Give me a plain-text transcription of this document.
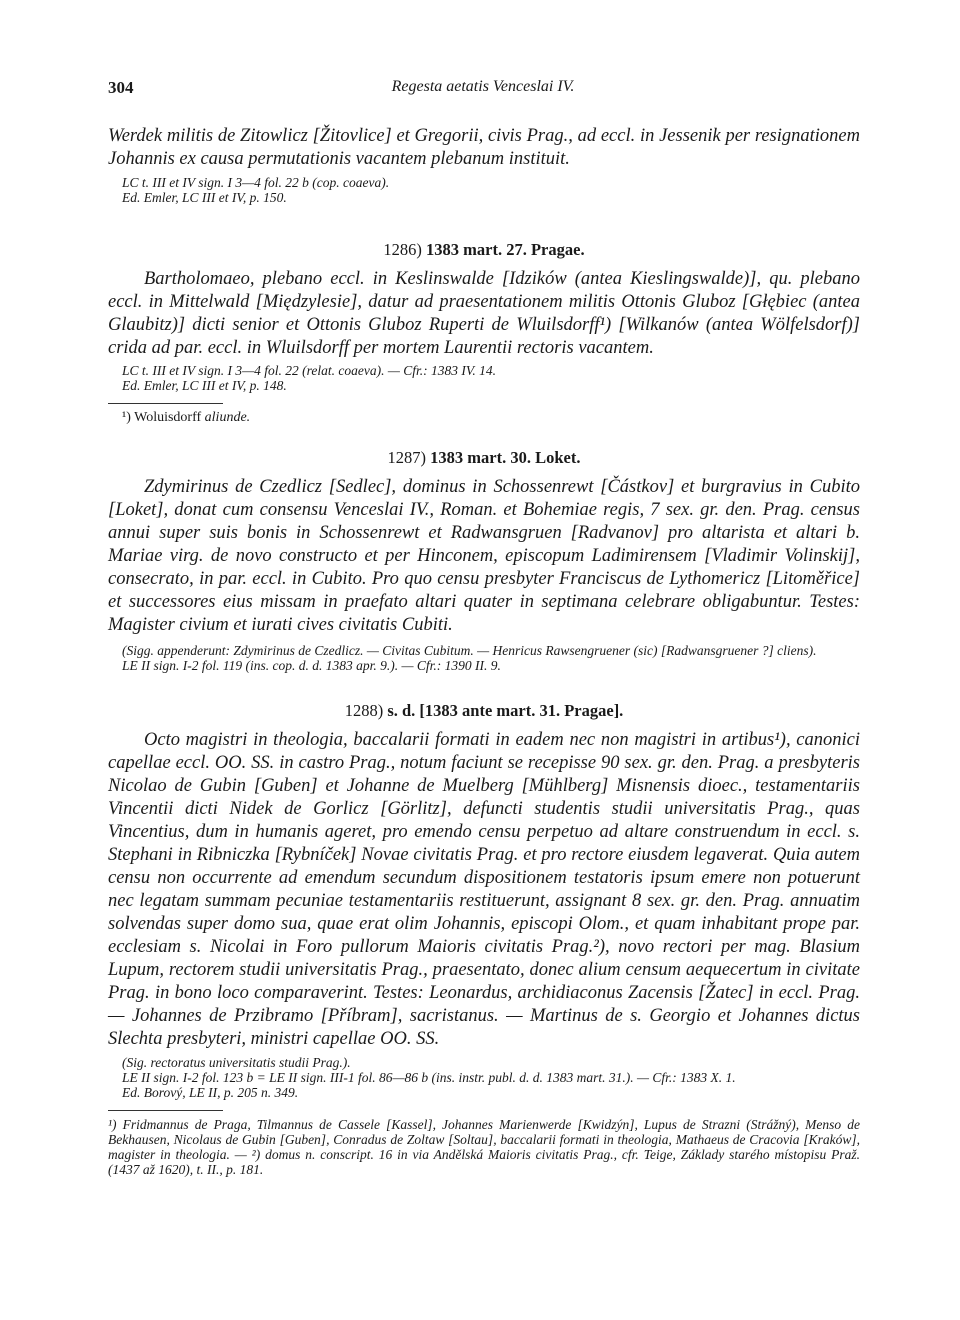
304	Regesta aetatis Venceslai IV.

Werdek militis de Zitowlicz [Žitovlice] et Gregorii, civis Prag., ad eccl. in Jessenik per resignationem Johannis ex causa permutationis vacantem plebanum instituit.

LC t. III et IV sign. I 3—4 fol. 22 b (cop. coaeva).

Ed. Emler, LC III et IV, p. 150.

1286) 1383 mart. 27. Pragae.

Bartholomaeo, plebano eccl. in Keslinswalde [Idzików (antea Kieslingswalde)], qu. plebano eccl. in Mittelwald [Międzylesie], datur ad praesentationem militis Ottonis Gluboz [Głębiec (antea Glaubitz)] dicti senior et Ottonis Gluboz Ruperti de Wluilsdorff¹) [Wilkanów (antea Wölfelsdorf)] crida ad par. eccl. in Wluilsdorff per mortem Laurentii rectoris vacantem.

LC t. III et IV sign. I 3—4 fol. 22 (relat. coaeva). — Cfr.: 1383 IV. 14.

Ed. Emler, LC III et IV, p. 148.

¹) Woluisdorff aliunde.

1287) 1383 mart. 30. Loket.

Zdymirinus de Czedlicz [Sedlec], dominus in Schossenrewt [Částkov] et burgravius in Cubito [Loket], donat cum consensu Venceslai IV., Roman. et Bohemiae regis, 7 sex. gr. den. Prag. census annui super suis bonis in Schossenrewt et Radwansgruen [Radvanov] pro altarista et altari b. Mariae virg. de novo constructo et per Hinconem, episcopum Ladimirensem [Vladimir Volinskij], consecrato, in par. eccl. in Cubito. Pro quo censu presbyter Franciscus de Lythomericz [Litoměřice] et successores eius missam in praefato altari quater in septimana celebrare obligabuntur. Testes: Magister civium et iurati cives civitatis Cubiti.

(Sigg. appenderunt: Zdymirinus de Czedlicz. — Civitas Cubitum. — Henricus Rawsengruener (sic) [Radwansgruener ?] cliens).

LE II sign. I-2 fol. 119 (ins. cop. d. d. 1383 apr. 9.). — Cfr.: 1390 II. 9.

1288) s. d. [1383 ante mart. 31. Pragae].

Octo magistri in theologia, baccalarii formati in eadem nec non magistri in artibus¹), canonici capellae eccl. OO. SS. in castro Prag., notum faciunt se recepisse 90 sex. gr. den. Prag. a presbyteris Nicolao de Gubin [Guben] et Johanne de Muelberg [Mühlberg] Misnensis dioec., testamentariis Vincentii dicti Nidek de Gorlicz [Görlitz], defuncti studentis studii universitatis Prag., quas Vincentius, dum in humanis ageret, pro emendo censu perpetuo ad altare construendum in eccl. s. Stephani in Ribniczka [Rybníček] Novae civitatis Prag. et pro rectore eiusdem legaverat. Quia autem censu non occurrente ad emendum secundum dispositionem testatoris ipsum emere non potuerunt nec legatam summam pecuniae testamentariis restituerunt, assignant 8 sex. gr. den. Prag. annuatim solvendas super domo sua, quae erat olim Johannis, episcopi Olom., et quam inhabitant prope par. ecclesiam s. Nicolai in Foro pullorum Maioris civitatis Prag.²), novo rectori per mag. Blasium Lupum, rectorem studii universitatis Prag., praesentato, donec alium censum aequecertum in civitate Prag. in bono loco comparaverint. Testes: Leonardus, archidiaconus Zacensis [Žatec] in eccl. Prag. — Johannes de Przibramo [Příbram], sacristanus. — Martinus de s. Georgio et Johannes dictus Slechta presbyteri, ministri capellae OO. SS.

(Sig. rectoratus universitatis studii Prag.).

LE II sign. I-2 fol. 123 b = LE II sign. III-1 fol. 86—86 b (ins. instr. publ. d. d. 1383 mart. 31.). — Cfr.: 1383 X. 1.

Ed. Borový, LE II, p. 205 n. 349.

¹) Fridmannus de Praga, Tilmannus de Cassele [Kassel], Johannes Marienwerde [Kwidzýn], Lupus de Strazni (Strážný), Menso de Bekhausen, Nicolaus de Gubin [Guben], Conradus de Zoltaw [Soltau], baccalarii formati in theologia, Mathaeus de Cracovia [Kraków], magister in theologia. — ²) domus n. conscript. 16 in via Andělská Maioris civitatis Prag., cfr. Teige, Základy starého místopisu Praž. (1437 až 1620), t. II., p. 181.
